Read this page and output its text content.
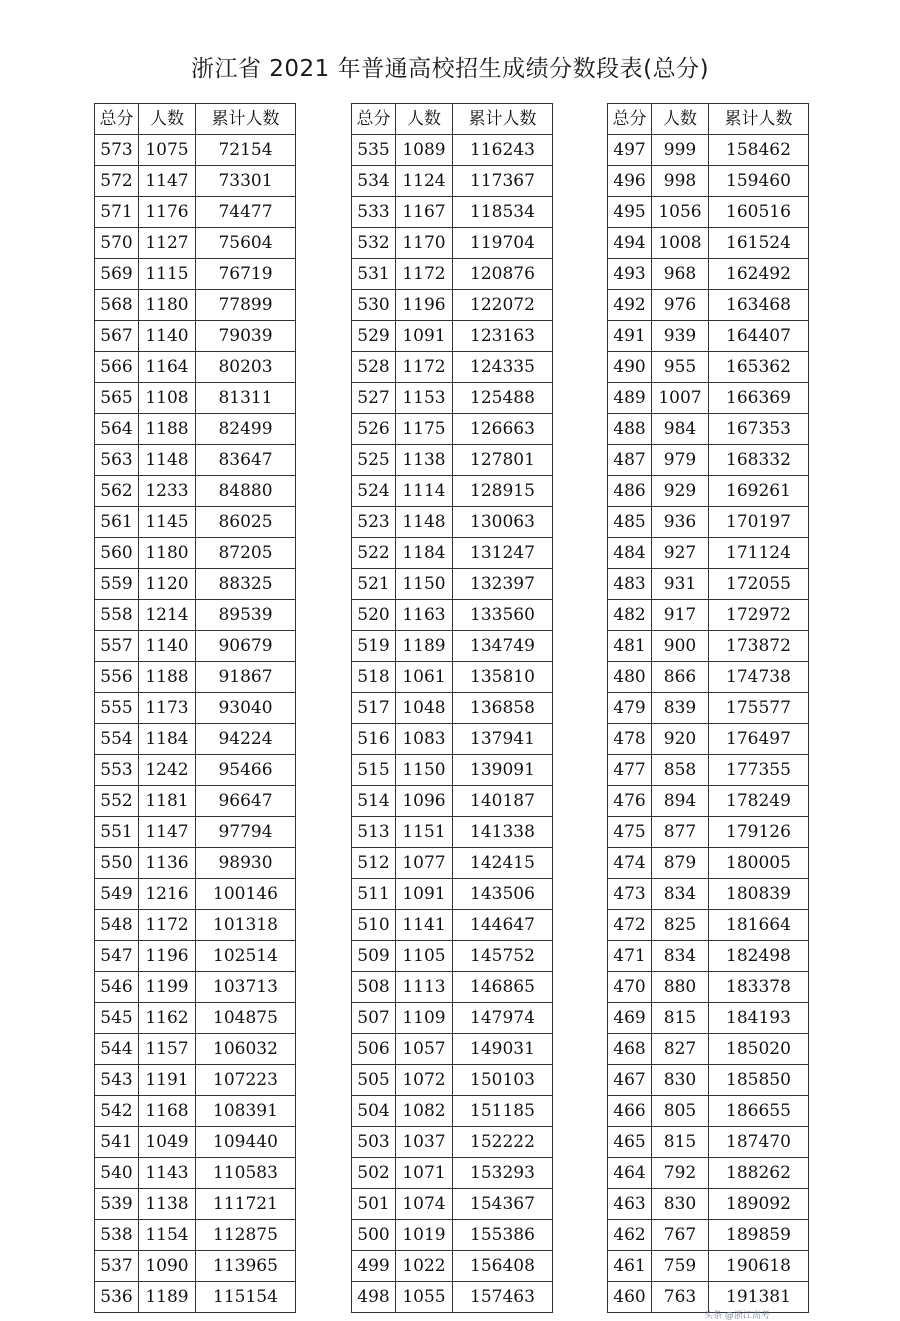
浙江省 2021 年普通高校招生成绩分数段表(总分)
总分	人数	累计人数
573	1075	72154
572	1147	73301
571	1176	74477
570	1127	75604
569	1115	76719
568	1180	77899
567	1140	79039
566	1164	80203
565	1108	81311
564	1188	82499
563	1148	83647
562	1233	84880
561	1145	86025
560	1180	87205
559	1120	88325
558	1214	89539
557	1140	90679
556	1188	91867
555	1173	93040
554	1184	94224
553	1242	95466
552	1181	96647
551	1147	97794
550	1136	98930
549	1216	100146
548	1172	101318
547	1196	102514
546	1199	103713
545	1162	104875
544	1157	106032
543	1191	107223
542	1168	108391
541	1049	109440
540	1143	110583
539	1138	111721
538	1154	112875
537	1090	113965
536	1189	115154
总分	人数	累计人数
535	1089	116243
534	1124	117367
533	1167	118534
532	1170	119704
531	1172	120876
530	1196	122072
529	1091	123163
528	1172	124335
527	1153	125488
526	1175	126663
525	1138	127801
524	1114	128915
523	1148	130063
522	1184	131247
521	1150	132397
520	1163	133560
519	1189	134749
518	1061	135810
517	1048	136858
516	1083	137941
515	1150	139091
514	1096	140187
513	1151	141338
512	1077	142415
511	1091	143506
510	1141	144647
509	1105	145752
508	1113	146865
507	1109	147974
506	1057	149031
505	1072	150103
504	1082	151185
503	1037	152222
502	1071	153293
501	1074	154367
500	1019	155386
499	1022	156408
498	1055	157463
总分	人数	累计人数
497	999	158462
496	998	159460
495	1056	160516
494	1008	161524
493	968	162492
492	976	163468
491	939	164407
490	955	165362
489	1007	166369
488	984	167353
487	979	168332
486	929	169261
485	936	170197
484	927	171124
483	931	172055
482	917	172972
481	900	173872
480	866	174738
479	839	175577
478	920	176497
477	858	177355
476	894	178249
475	877	179126
474	879	180005
473	834	180839
472	825	181664
471	834	182498
470	880	183378
469	815	184193
468	827	185020
467	830	185850
466	805	186655
465	815	187470
464	792	188262
463	830	189092
462	767	189859
461	759	190618
460	763	191381
头条 @浙江高考
